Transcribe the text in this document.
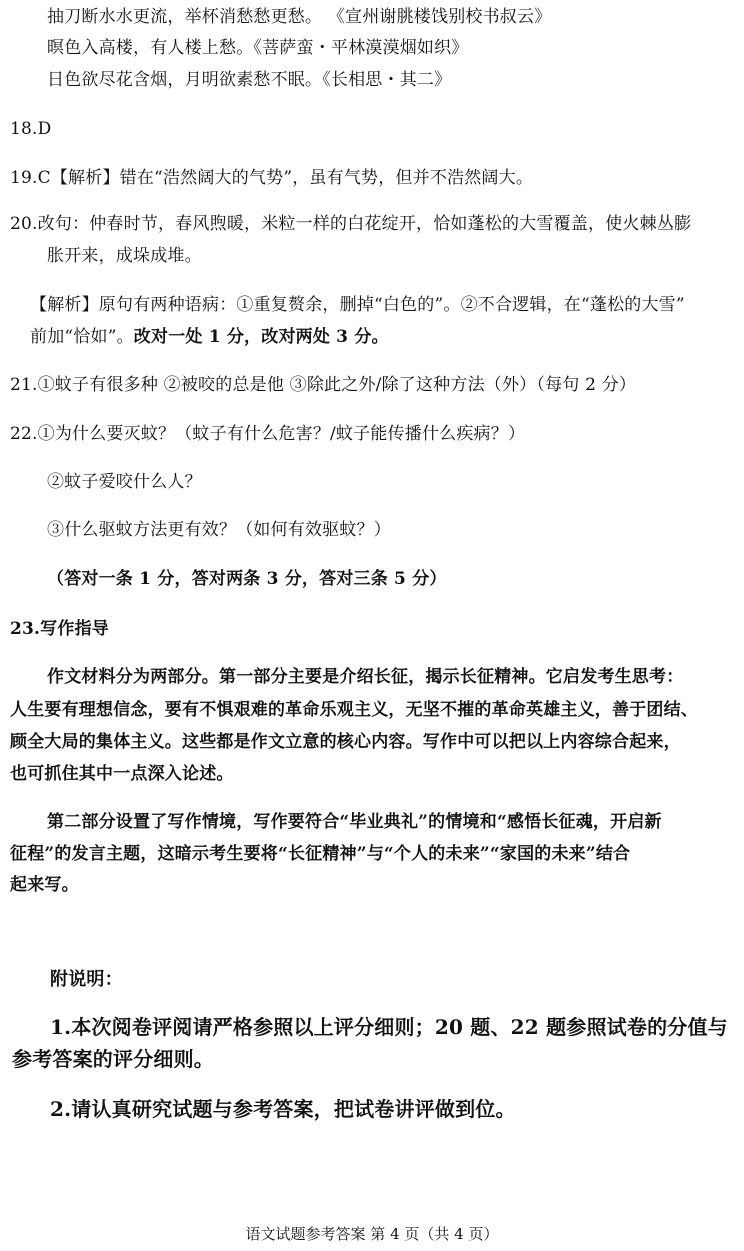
抽刀断水水更流，举杯消愁愁更愁。 《宣州谢朓楼饯别校书叔云》
暝色入高楼，有人楼上愁。《菩萨蛮・平林漠漠烟如织》
日色欲尽花含烟，月明欲素愁不眠。《长相思・其二》
18.D
19.C【解析】错在“浩然阔大的气势”，虽有气势，但并不浩然阔大。
20.改句：仲春时节，春风煦暖，米粒一样的白花绽开，恰如蓬松的大雪覆盖，使火棘丛膨
胀开来，成垛成堆。
【解析】原句有两种语病：①重复赘余，删掉“白色的”。②不合逻辑，在“蓬松的大雪”
前加“恰如”。改对一处 1 分，改对两处 3 分。
21.①蚊子有很多种 ②被咬的总是他 ③除此之外/除了这种方法（外）（每句 2 分）
22.①为什么要灭蚊？（蚊子有什么危害？/蚊子能传播什么疾病？）
②蚊子爱咬什么人？
③什么驱蚊方法更有效？（如何有效驱蚊？）
（答对一条 1 分，答对两条 3 分，答对三条 5 分）
23.写作指导
作文材料分为两部分。第一部分主要是介绍长征，揭示长征精神。它启发考生思考：
人生要有理想信念，要有不惧艰难的革命乐观主义，无坚不摧的革命英雄主义，善于团结、
顾全大局的集体主义。这些都是作文立意的核心内容。写作中可以把以上内容综合起来，
也可抓住其中一点深入论述。
第二部分设置了写作情境，写作要符合“毕业典礼”的情境和“感悟长征魂，开启新
征程”的发言主题，这暗示考生要将“长征精神”与“个人的未来”“家国的未来”结合
起来写。
附说明：
1.本次阅卷评阅请严格参照以上评分细则；20 题、22 题参照试卷的分值与
参考答案的评分细则。
2.请认真研究试题与参考答案，把试卷讲评做到位。
语文试题参考答案 第 4 页（共 4 页）
